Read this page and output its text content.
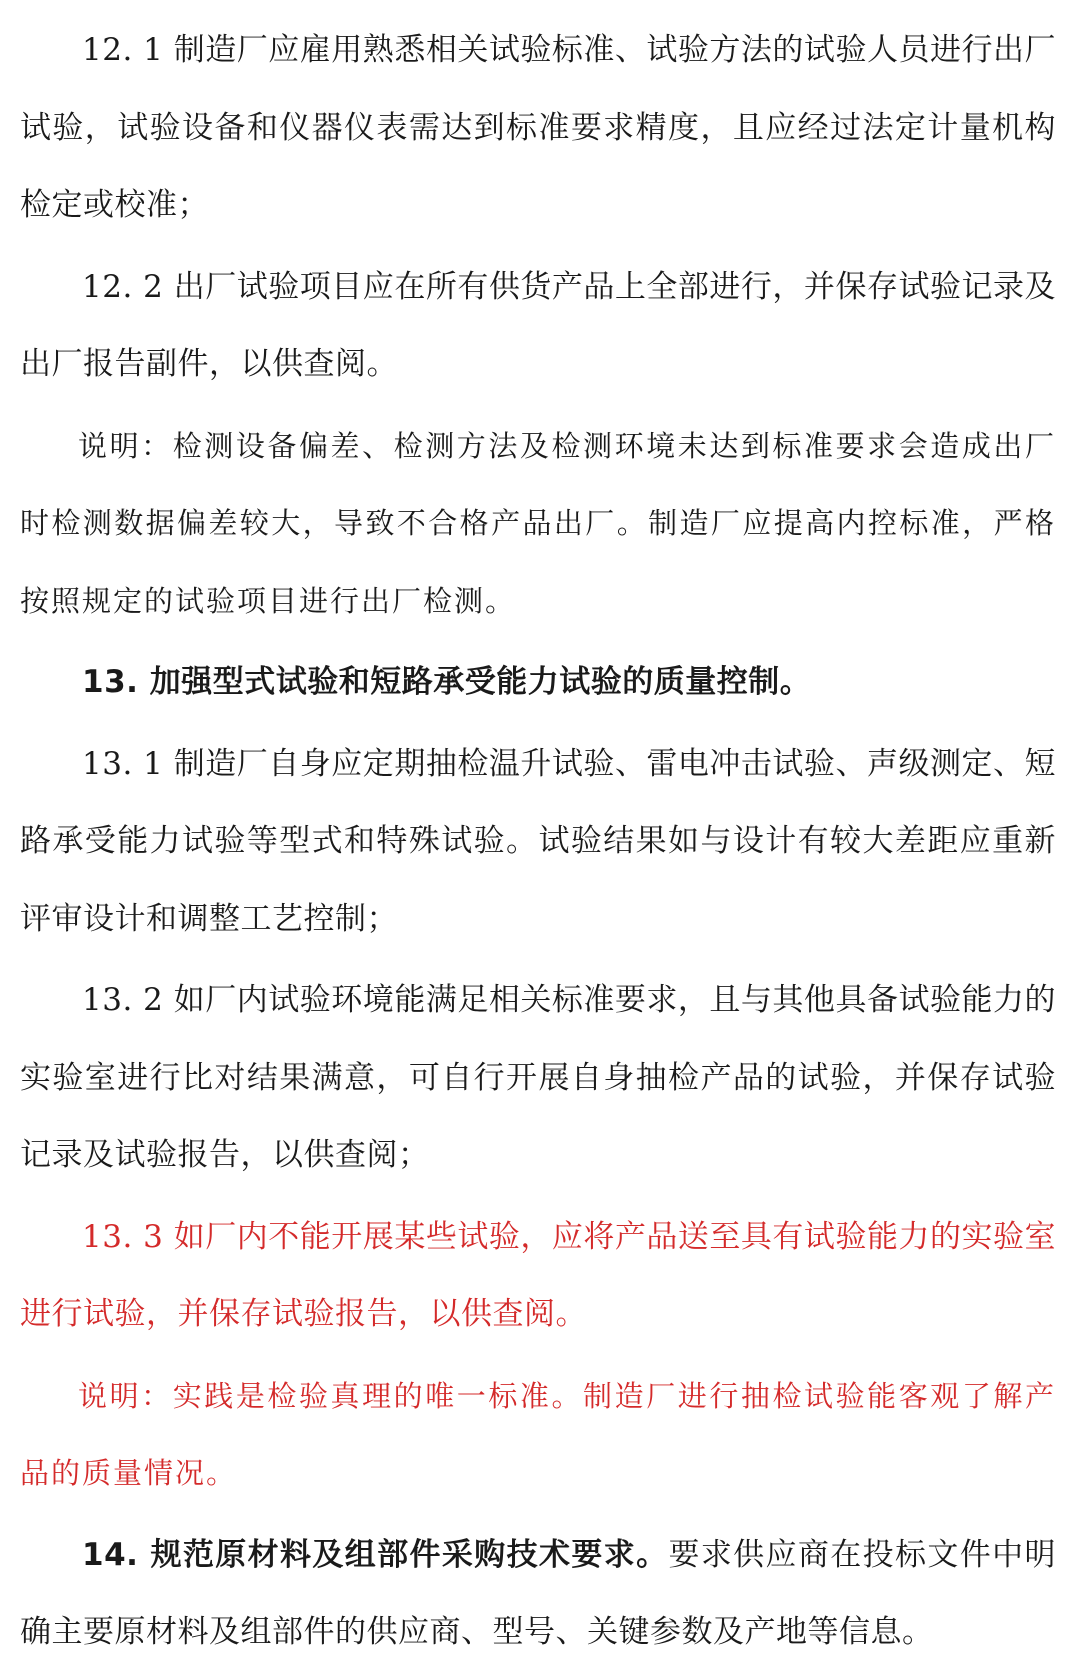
12. 1 制造厂应雇用熟悉相关试验标准、试验方法的试验人员进行出厂试验，试验设备和仪器仪表需达到标准要求精度，且应经过法定计量机构检定或校准；

12. 2 出厂试验项目应在所有供货产品上全部进行，并保存试验记录及出厂报告副件，以供查阅。

说明：检测设备偏差、检测方法及检测环境未达到标准要求会造成出厂时检测数据偏差较大，导致不合格产品出厂。制造厂应提高内控标准，严格按照规定的试验项目进行出厂检测。

13. 加强型式试验和短路承受能力试验的质量控制。

13. 1 制造厂自身应定期抽检温升试验、雷电冲击试验、声级测定、短路承受能力试验等型式和特殊试验。试验结果如与设计有较大差距应重新评审设计和调整工艺控制；

13. 2 如厂内试验环境能满足相关标准要求，且与其他具备试验能力的实验室进行比对结果满意，可自行开展自身抽检产品的试验，并保存试验记录及试验报告，以供查阅；

13. 3 如厂内不能开展某些试验，应将产品送至具有试验能力的实验室进行试验，并保存试验报告，以供查阅。

说明：实践是检验真理的唯一标准。制造厂进行抽检试验能客观了解产品的质量情况。

14. 规范原材料及组部件采购技术要求。要求供应商在投标文件中明确主要原材料及组部件的供应商、型号、关键参数及产地等信息。
